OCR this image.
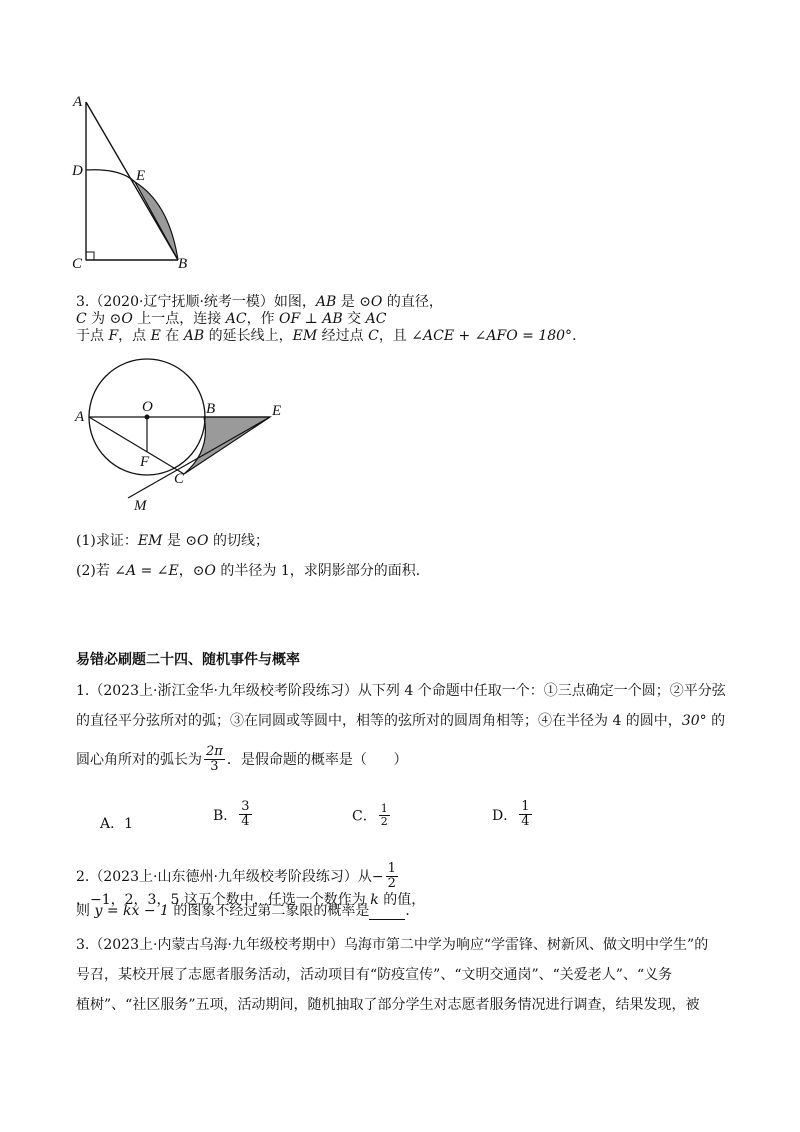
A
D	E
C	B
3.（2020·辽宁抚顺·统考一模）如图，AB 是 ⊙O 的直径，C 为 ⊙O 上一点，连接 AC，作 OF ⊥ AB 交 AC
于点 F，点 E 在 AB 的延长线上，EM 经过点 C，且 ∠ACE + ∠AFO = 180°．
A
O	B	E
F
C
M
(1)求证：EM 是 ⊙O 的切线；
(2)若 ∠A = ∠E，⊙O 的半径为 1，求阴影部分的面积．
易错必刷题二十四、随机事件与概率
1.（2023上·浙江金华·九年级校考阶段练习）从下列 4 个命题中任取一个：①三点确定一个圆；②平分弦
的直径平分弦所对的弧；③在同圆或等圆中，相等的弦所对的圆周角相等；④在半径为 4 的圆中，30° 的
圆心角所对的弧长为 $\frac{2\pi}{3}$ ．是假命题的概率是（      ）
A．1
B． $\frac{3}{4}$	C． $\frac{1}{2}$	D． $\frac{1}{4}$
2.（2023上·山东德州·九年级校考阶段练习）从− $\frac{1}{2}$
，−1，2，3，5 这五个数中，任选一个数作为 k 的值，
则 y = kx − 1 的图象不经过第二象限的概率是	．
3.（2023上·内蒙古乌海·九年级校考期中）乌海市第二中学为响应“学雷锋、树新风、做文明中学生”的
号召，某校开展了志愿者服务活动，活动项目有“防疫宣传”、“文明交通岗”、“关爱老人”、“义务
植树”、“社区服务”五项，活动期间，随机抽取了部分学生对志愿者服务情况进行调查，结果发现，被
